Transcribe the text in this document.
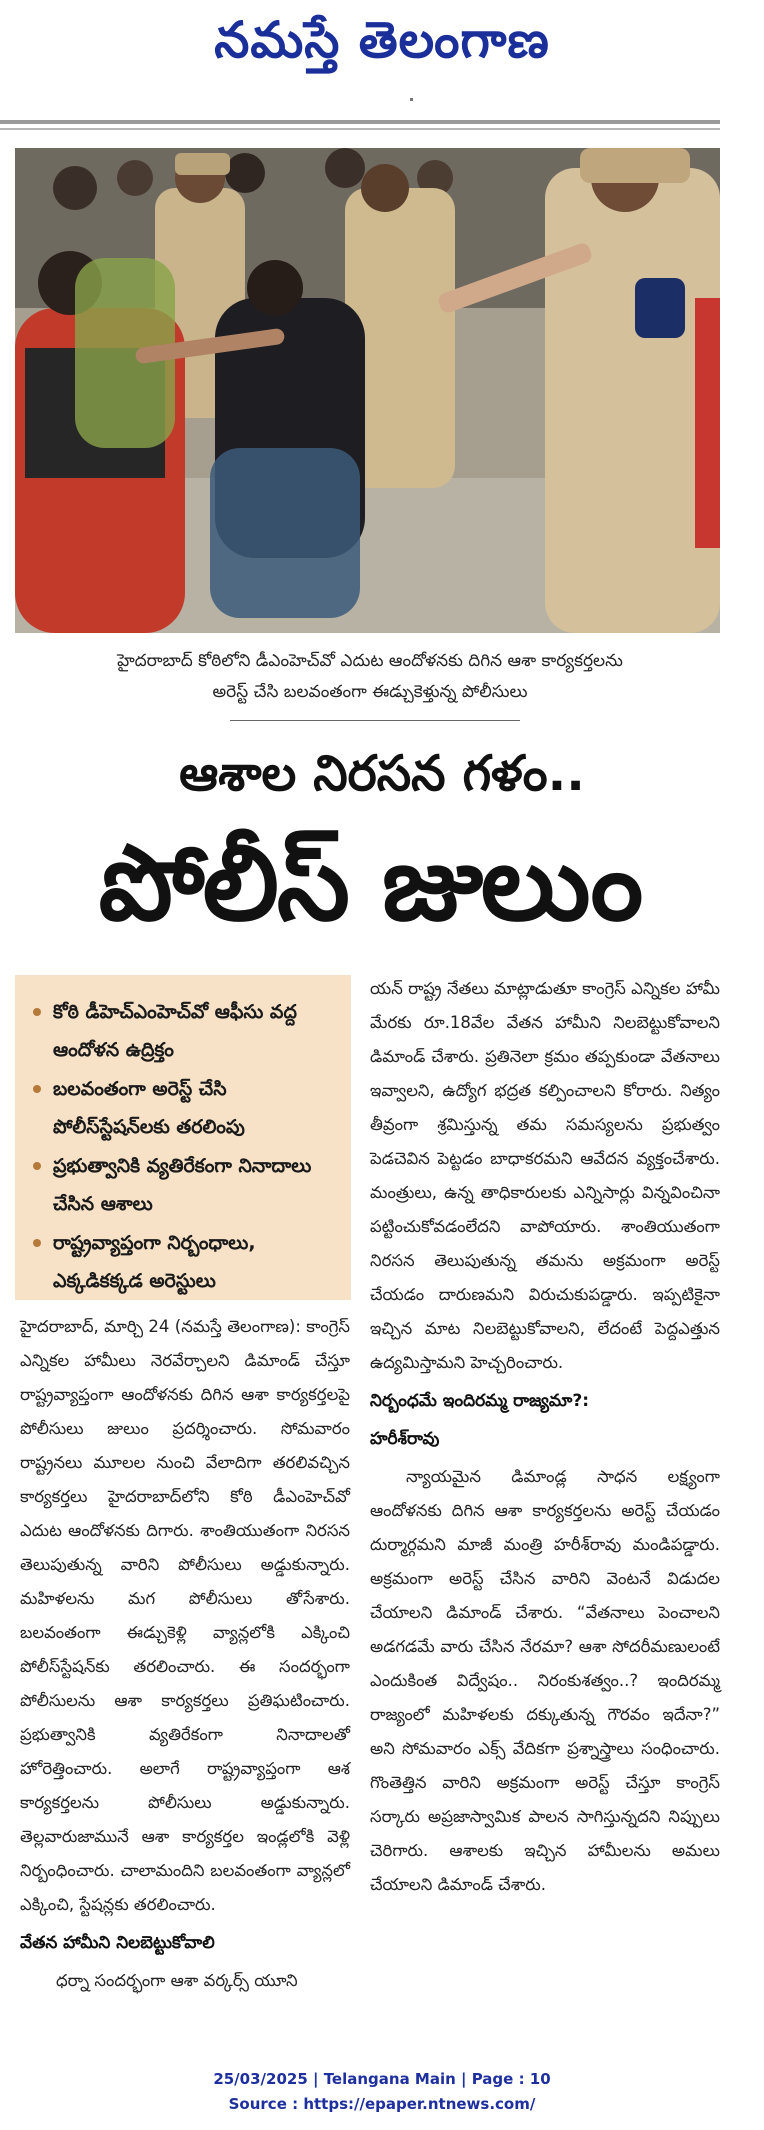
నమస్తే తెలంగాణ
హైదరాబాద్ కోఠిలోని డీఎంహెచ్‌వో ఎదుట ఆందోళనకు దిగిన ఆశా కార్యకర్తలను
అరెస్ట్ చేసి బలవంతంగా ఈడ్చుకెళ్తున్న పోలీసులు
ఆశాల నిరసన గళం..
పోలీస్ జులుం
కోఠి డీహెచ్‌ఎంహెచ్‌వో ఆఫీసు వద్ద ఆందోళన ఉద్రిక్తం
బలవంతంగా అరెస్ట్ చేసి పోలీస్‌స్టేషన్‌లకు తరలింపు
ప్రభుత్వానికి వ్యతిరేకంగా నినాదాలు చేసిన ఆశాలు
రాష్ట్రవ్యాప్తంగా నిర్బంధాలు, ఎక్కడికక్కడ అరెస్టులు

హైదరాబాద్, మార్చి 24 (నమస్తే తెలంగాణ): కాంగ్రెస్ ఎన్నికల హామీలు నెరవేర్చాలని డిమాండ్ చేస్తూ రాష్ట్రవ్యాప్తంగా ఆందోళనకు దిగిన ఆశా కార్యకర్తలపై పోలీసులు జులుం ప్రదర్శించారు. సోమవారం రాష్ట్రనలు మూలల నుంచి వేలాదిగా తరలివచ్చిన కార్యకర్తలు హైదరాబాద్‌లోని కోఠి డీఎంహెచ్‌వో ఎదుట ఆందోళనకు దిగారు. శాంతియుతంగా నిరసన తెలుపుతున్న వారిని పోలీసులు అడ్డుకున్నారు. మహిళలను మగ పోలీసులు తోసేశారు. బలవంతంగా ఈడ్చుకెళ్లి వ్యాన్లలోకి ఎక్కించి పోలీస్‌స్టేషన్‌కు తరలించారు. ఈ సందర్భంగా పోలీసులను ఆశా కార్యకర్తలు ప్రతిఘటించారు. ప్రభుత్వానికి వ్యతిరేకంగా నినాదాలతో హోరెత్తించారు. అలాగే రాష్ట్రవ్యాప్తంగా ఆశ కార్యకర్తలను పోలీసులు అడ్డుకున్నారు. తెల్లవారుజామునే ఆశా కార్యకర్తల ఇండ్లలోకి వెళ్లి నిర్బంధించారు. చాలామందిని బలవంతంగా వ్యాన్లలో ఎక్కించి, స్టేషన్లకు తరలించారు.

వేతన హామీని నిలబెట్టుకోవాలి

ధర్నా సందర్భంగా ఆశా వర్కర్స్ యూని

యన్ రాష్ట్ర నేతలు మాట్లాడుతూ కాంగ్రెస్ ఎన్నికల హామీ మేరకు రూ.18వేల వేతన హామీని నిలబెట్టుకోవాలని డిమాండ్ చేశారు. ప్రతినెలా క్రమం తప్పకుండా వేతనాలు ఇవ్వాలని, ఉద్యోగ భద్రత కల్పించాలని కోరారు. నిత్యం తీవ్రంగా శ్రమిస్తున్న తమ సమస్యలను ప్రభుత్వం పెడచెవిన పెట్టడం బాధాకరమని ఆవేదన వ్యక్తంచేశారు. మంత్రులు, ఉన్న తాధికారులకు ఎన్నిసార్లు విన్నవించినా పట్టించుకోవడంలేదని వాపోయారు. శాంతియుతంగా నిరసన తెలుపుతున్న తమను అక్రమంగా అరెస్ట్ చేయడం దారుణమని విరుచుకుపడ్డారు. ఇప్పటికైనా ఇచ్చిన మాట నిలబెట్టుకోవాలని, లేదంటే పెద్దఎత్తున ఉద్యమిస్తామని హెచ్చరించారు.

నిర్బంధమే ఇందిరమ్మ రాజ్యమా?:

హరీశ్‌రావు

న్యాయమైన డిమాండ్ల సాధన లక్ష్యంగా ఆందోళనకు దిగిన ఆశా కార్యకర్తలను అరెస్ట్ చేయడం దుర్మార్గమని మాజీ మంత్రి హరీశ్‌రావు మండిపడ్డారు. అక్రమంగా అరెస్ట్ చేసిన వారిని వెంటనే విడుదల చేయాలని డిమాండ్ చేశారు. “వేతనాలు పెంచాలని అడగడమే వారు చేసిన నేరమా? ఆశా సోదరీమణులంటే ఎందుకింత విద్వేషం.. నిరంకుశత్వం..? ఇందిరమ్మ రాజ్యంలో మహిళలకు దక్కుతున్న గౌరవం ఇదేనా?” అని సోమవారం ఎక్స్ వేదికగా ప్రశ్నాస్త్రాలు సంధించారు. గొంతెత్తిన వారిని అక్రమంగా అరెస్ట్ చేస్తూ కాంగ్రెస్ సర్కారు అప్రజాస్వామిక పాలన సాగిస్తున్నదని నిప్పులు చెరిగారు. ఆశాలకు ఇచ్చిన హామీలను అమలు చేయాలని డిమాండ్ చేశారు.

25/03/2025 | Telangana Main | Page : 10
Source : https://epaper.ntnews.com/
